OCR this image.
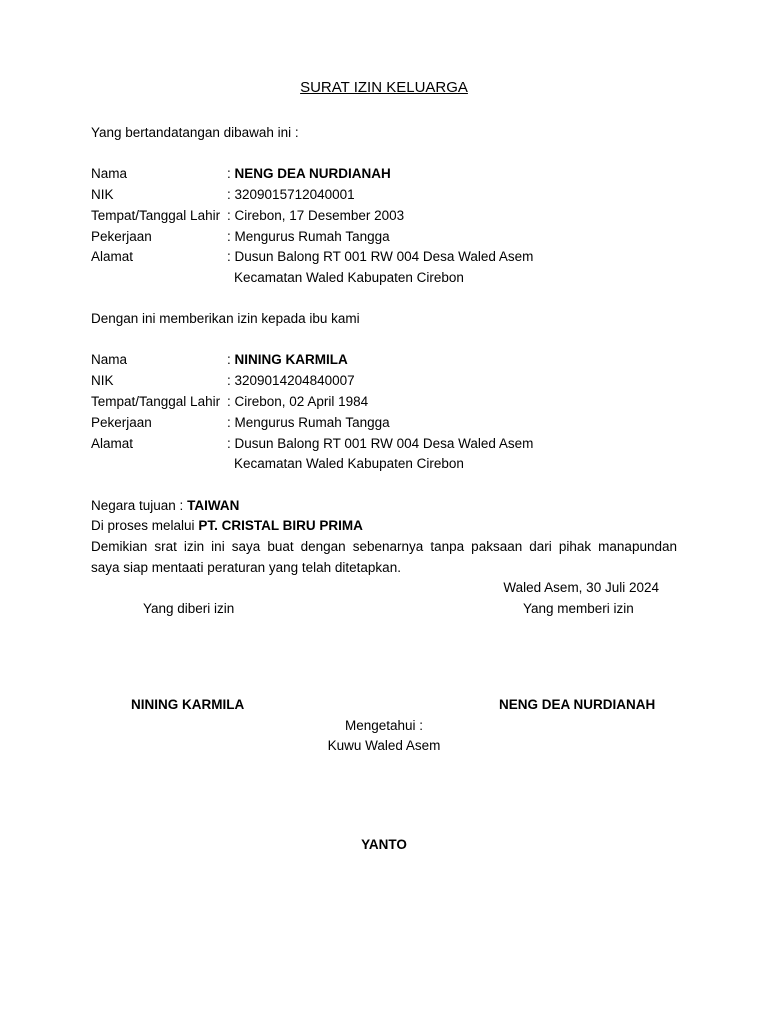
SURAT IZIN KELUARGA
Yang bertandatangan dibawah ini :
Nama	: NENG DEA NURDIANAH
NIK	: 3209015712040001
Tempat/Tanggal Lahir : Cirebon, 17 Desember 2003
Pekerjaan	: Mengurus Rumah Tangga
Alamat	: Dusun Balong RT 001 RW 004 Desa Waled Asem
Kecamatan Waled Kabupaten Cirebon
Dengan ini memberikan izin kepada ibu kami
Nama	: NINING KARMILA
NIK	: 3209014204840007
Tempat/Tanggal Lahir : Cirebon, 02 April 1984
Pekerjaan	: Mengurus Rumah Tangga
Alamat	: Dusun Balong RT 001 RW 004 Desa Waled Asem
Kecamatan Waled Kabupaten Cirebon
Negara tujuan : TAIWAN
Di proses melalui PT. CRISTAL BIRU PRIMA
Demikian srat izin ini saya buat dengan sebenarnya tanpa paksaan dari pihak manapundan
saya siap mentaati peraturan yang telah ditetapkan.
Waled Asem, 30 Juli 2024
Yang diberi izin	Yang memberi izin
NINING KARMILA	NENG DEA NURDIANAH
Mengetahui :
Kuwu Waled Asem
YANTO
